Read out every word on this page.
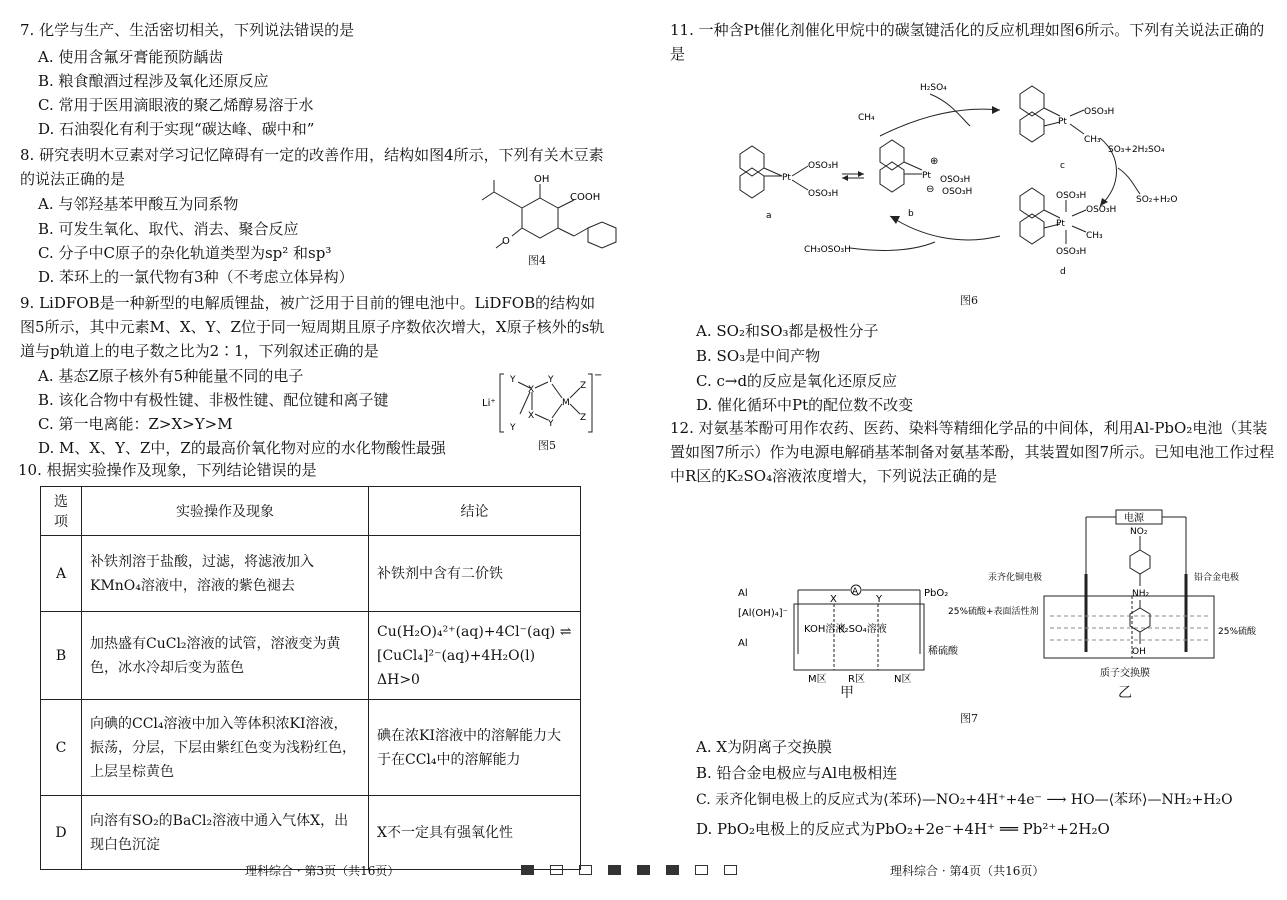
7. 化学与生产、生活密切相关，下列说法错误的是
A. 使用含氟牙膏能预防龋齿
B. 粮食酿酒过程涉及氧化还原反应
C. 常用于医用滴眼液的聚乙烯醇易溶于水
D. 石油裂化有利于实现“碳达峰、碳中和”
8. 研究表明木豆素对学习记忆障碍有一定的改善作用，结构如图4所示，下列有关木豆素的说法正确的是
A. 与邻羟基苯甲酸互为同系物
B. 可发生氧化、取代、消去、聚合反应
C. 分子中C原子的杂化轨道类型为sp² 和sp³
D. 苯环上的一氯代物有3种（不考虑立体异构）
OH
COOH
O
图4
9. LiDFOB是一种新型的电解质锂盐，被广泛用于目前的锂电池中。LiDFOB的结构如图5所示，其中元素M、X、Y、Z位于同一短周期且原子序数依次增大，X原子核外的s轨道与p轨道上的电子数之比为2∶1，下列叙述正确的是
A. 基态Z原子核外有5种能量不同的电子
B. 该化合物中有极性键、非极性键、配位键和离子键
C. 第一电离能：Z>X>Y>M
D. M、X、Y、Z中，Z的最高价氧化物对应的水化物酸性最强
Li⁺
Y
X
Y
M
Z
Z
X
Y
Y
−
图5
10. 根据实验操作及现象，下列结论错误的是
选项	实验操作及现象	结论
A	补铁剂溶于盐酸，过滤，将滤液加入KMnO₄溶液中，溶液的紫色褪去	补铁剂中含有二价铁
B	加热盛有CuCl₂溶液的试管，溶液变为黄色，冰水冷却后变为蓝色	Cu(H₂O)₄²⁺(aq)+4Cl⁻(aq) ⇌ [CuCl₄]²⁻(aq)+4H₂O(l) ΔH>0
C	向碘的CCl₄溶液中加入等体积浓KI溶液，振荡，分层，下层由紫红色变为浅粉红色，上层呈棕黄色	碘在浓KI溶液中的溶解能力大于在CCl₄中的溶解能力
D	向溶有SO₂的BaCl₂溶液中通入气体X，出现白色沉淀	X不一定具有强氧化性
理科综合 · 第3页（共16页）
11. 一种含Pt催化剂催化甲烷中的碳氢键活化的反应机理如图6所示。下列有关说法正确的是
Pt
OSO₃H
OSO₃H
a
Pt
⊕
OSO₃H
OSO₃H
⊖
b
CH₄
H₂SO₄
Pt
OSO₃H
CH₃
c
SO₃+2H₂SO₄
SO₂+H₂O
Pt
OSO₃H
OSO₃H
CH₃
OSO₃H
d
CH₃OSO₃H
图6
A. SO₂和SO₃都是极性分子
B. SO₃是中间产物
C. c→d的反应是氧化还原反应
D. 催化循环中Pt的配位数不改变
12. 对氨基苯酚可用作农药、医药、染料等精细化学品的中间体，利用Al-PbO₂电池（其装置如图7所示）作为电源电解硝基苯制备对氨基苯酚，其装置如图7所示。已知电池工作过程中R区的K₂SO₄溶液浓度增大，下列说法正确的是
Al
[Al(OH)₄]⁻
Al
A
X	Y
PbO₂
KOH溶液
K₂SO₄溶液
稀硫酸
M区 R区	N区
电源
NO₂
NH₂
OH
汞齐化铜电极	铅合金电极
25%硫酸+表面活性剂
25%硫酸
质子交换膜
甲	乙
图7
A. X为阴离子交换膜
B. 铅合金电极应与Al电极相连
C. 汞齐化铜电极上的反应式为⟨苯环⟩—NO₂+4H⁺+4e⁻ ⟶ HO—⟨苯环⟩—NH₂+H₂O
D. PbO₂电极上的反应式为PbO₂+2e⁻+4H⁺ ══ Pb²⁺+2H₂O
理科综合 · 第4页（共16页）
